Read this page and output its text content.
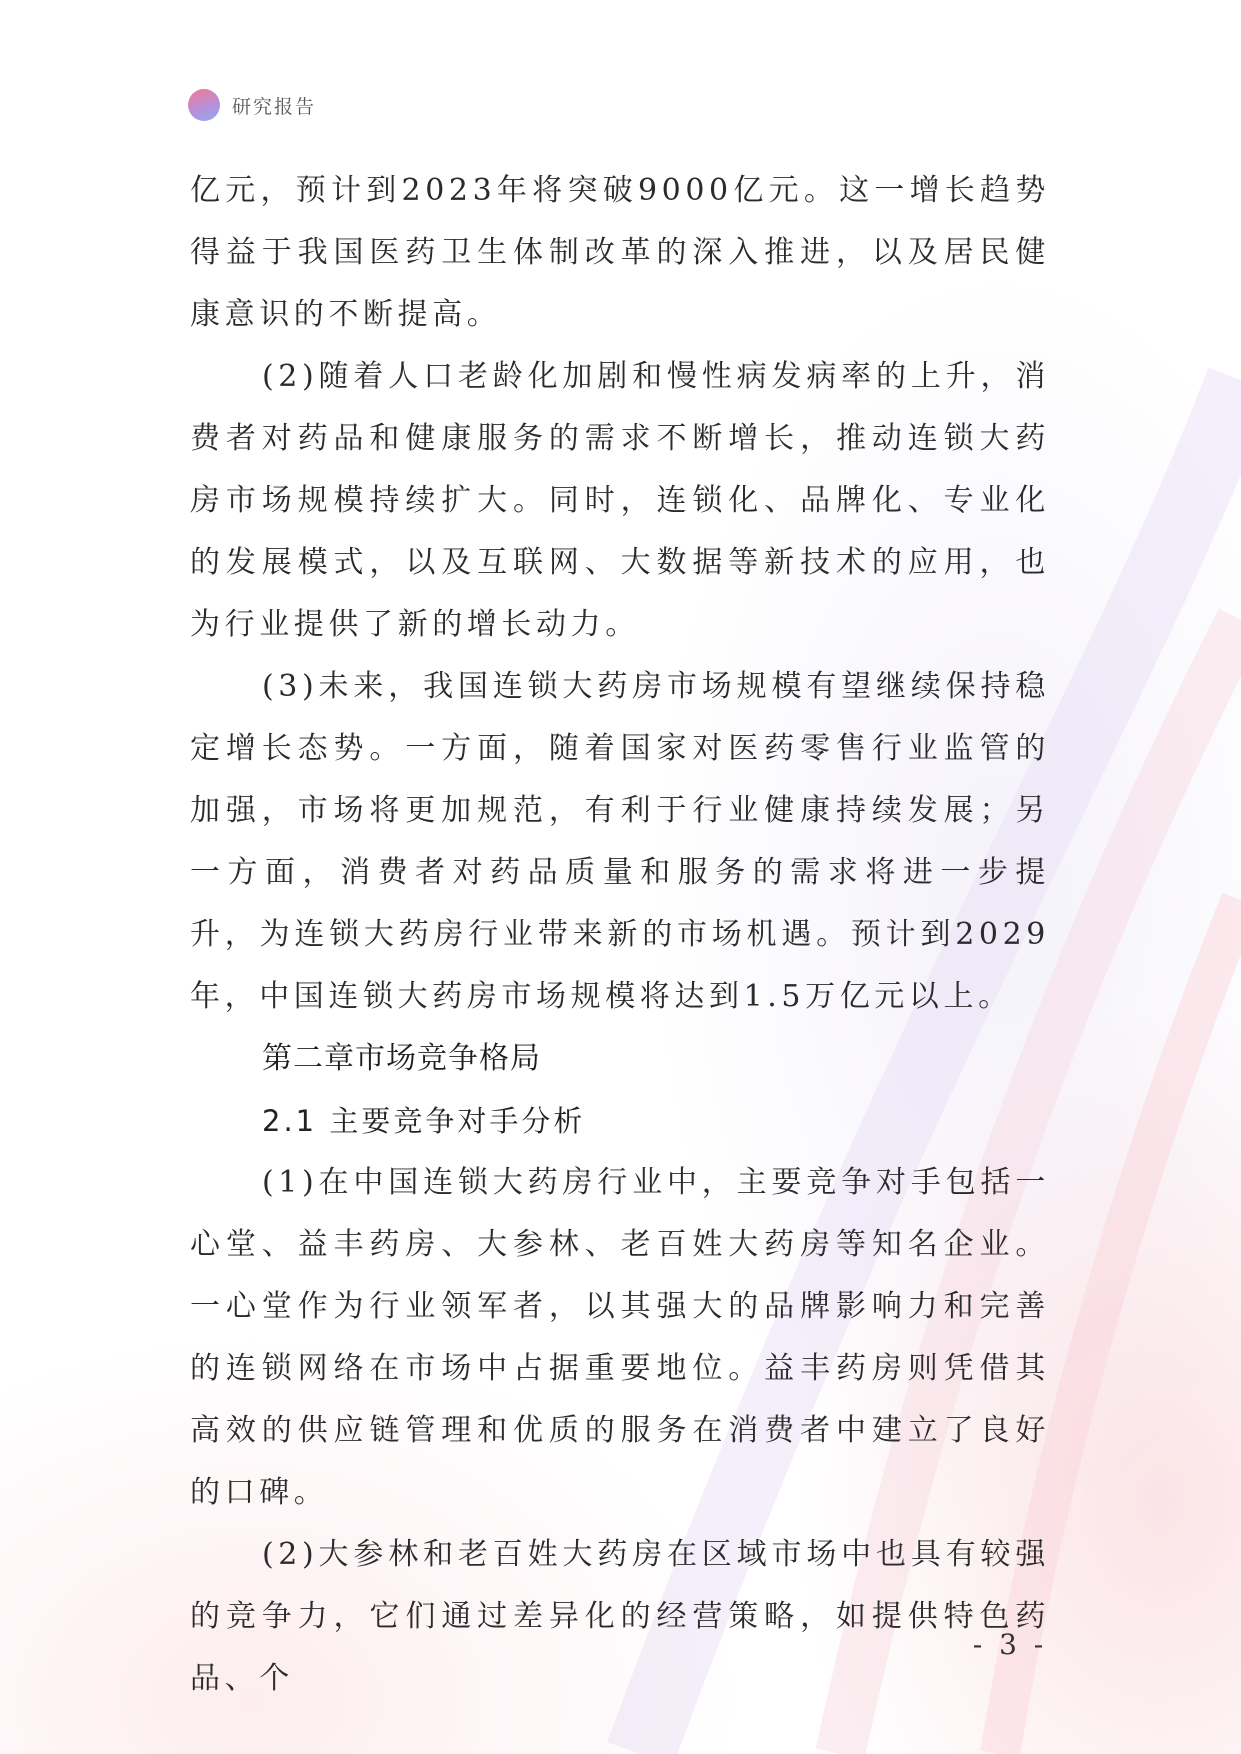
研究报告

亿元，预计到2023年将突破9000亿元。这一增长趋势得益于我国医药卫生体制改革的深入推进，以及居民健康意识的不断提高。

(2)随着人口老龄化加剧和慢性病发病率的上升，消费者对药品和健康服务的需求不断增长，推动连锁大药房市场规模持续扩大。同时，连锁化、品牌化、专业化的发展模式，以及互联网、大数据等新技术的应用，也为行业提供了新的增长动力。

(3)未来，我国连锁大药房市场规模有望继续保持稳定增长态势。一方面，随着国家对医药零售行业监管的加强，市场将更加规范，有利于行业健康持续发展；另一方面，消费者对药品质量和服务的需求将进一步提升，为连锁大药房行业带来新的市场机遇。预计到2029年，中国连锁大药房市场规模将达到1.5万亿元以上。

第二章市场竞争格局

2.1 主要竞争对手分析

(1)在中国连锁大药房行业中，主要竞争对手包括一心堂、益丰药房、大参林、老百姓大药房等知名企业。一心堂作为行业领军者，以其强大的品牌影响力和完善的连锁网络在市场中占据重要地位。益丰药房则凭借其高效的供应链管理和优质的服务在消费者中建立了良好的口碑。

(2)大参林和老百姓大药房在区域市场中也具有较强的竞争力，它们通过差异化的经营策略，如提供特色药品、个

- 3 -
